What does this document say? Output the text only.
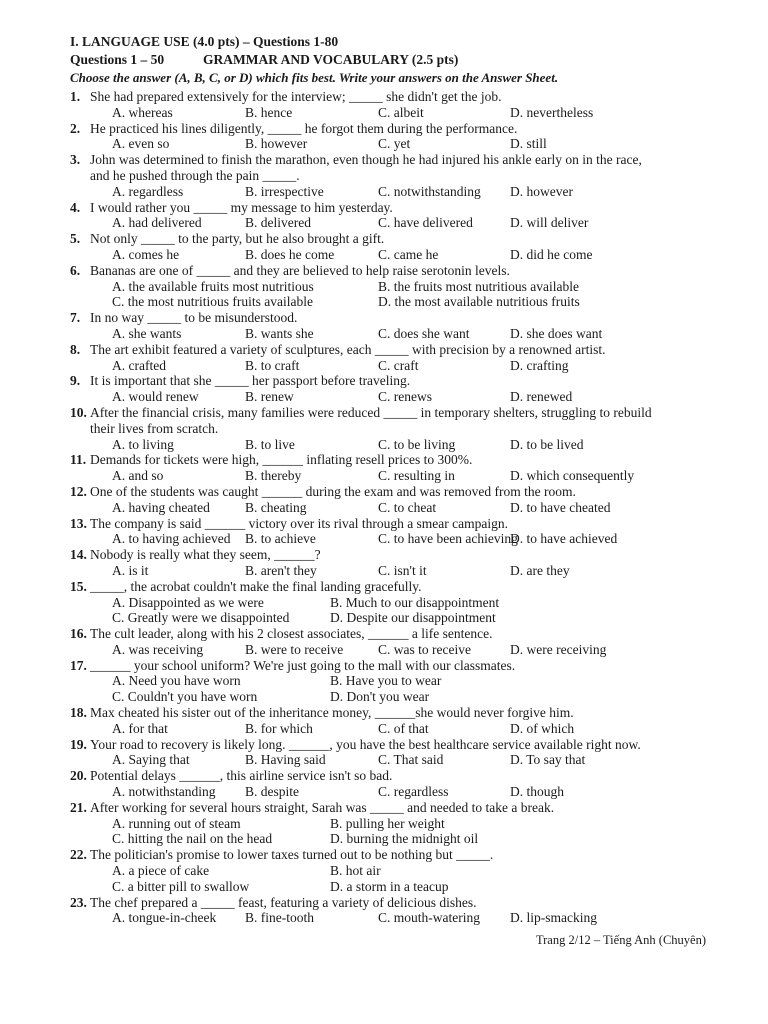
I. LANGUAGE USE (4.0 pts) – Questions 1-80
Questions 1 – 50	GRAMMAR AND VOCABULARY (2.5 pts)
Choose the answer (A, B, C, or D) which fits best. Write your answers on the Answer Sheet.
1. She had prepared extensively for the interview; _____ she didn't get the job.
A. whereas	B. hence	C. albeit	D. nevertheless
2. He practiced his lines diligently, _____ he forgot them during the performance.
A. even so	B. however	C. yet	D. still
3. John was determined to finish the marathon, even though he had injured his ankle early on in the race,
and he pushed through the pain _____.
A. regardless	B. irrespective	C. notwithstanding D. however
4. I would rather you _____ my message to him yesterday.
A. had delivered	B. delivered	C. have delivered	D. will deliver
5. Not only _____ to the party, but he also brought a gift.
A. comes he	B. does he come	C. came he	D. did he come
6. Bananas are one of _____ and they are believed to help raise serotonin levels.
A. the available fruits most nutritious	B. the fruits most nutritious available
C. the most nutritious fruits available	D. the most available nutritious fruits
7. In no way _____ to be misunderstood.
A. she wants	B. wants she	C. does she want	D. she does want
8. The art exhibit featured a variety of sculptures, each _____ with precision by a renowned artist.
A. crafted	B. to craft	C. craft	D. crafting
9. It is important that she _____ her passport before traveling.
A. would renew	B. renew	C. renews	D. renewed
10. After the financial crisis, many families were reduced _____ in temporary shelters, struggling to rebuild
their lives from scratch.
A. to living	B. to live	C. to be living	D. to be lived
11. Demands for tickets were high, ______ inflating resell prices to 300%.
A. and so	B. thereby	C. resulting in	D. which consequently
12. One of the students was caught ______ during the exam and was removed from the room.
A. having cheated	B. cheating	C. to cheat	D. to have cheated
13. The company is said ______ victory over its rival through a smear campaign.
A. to having achieved B. to achieve	C. to have been achieving
D. to have achieved
14. Nobody is really what they seem, ______?
A. is it	B. aren't they	C. isn't it	D. are they
15. _____, the acrobat couldn't make the final landing gracefully.
A. Disappointed as we were	B. Much to our disappointment
C. Greatly were we disappointed	D. Despite our disappointment
16. The cult leader, along with his 2 closest associates, ______ a life sentence.
A. was receiving	B. were to receive	C. was to receive	D. were receiving
17. ______ your school uniform? We're just going to the mall with our classmates.
A. Need you have worn	B. Have you to wear
C. Couldn't you have worn	D. Don't you wear
18. Max cheated his sister out of the inheritance money, ______she would never forgive him.
A. for that	B. for which	C. of that	D. of which
19. Your road to recovery is likely long. ______, you have the best healthcare service available right now.
A. Saying that	B. Having said	C. That said	D. To say that
20. Potential delays ______, this airline service isn't so bad.
A. notwithstanding B. despite	C. regardless	D. though
21. After working for several hours straight, Sarah was _____ and needed to take a break.
A. running out of steam	B. pulling her weight
C. hitting the nail on the head	D. burning the midnight oil
22. The politician's promise to lower taxes turned out to be nothing but _____.
A. a piece of cake	B. hot air
C. a bitter pill to swallow	D. a storm in a teacup
23. The chef prepared a _____ feast, featuring a variety of delicious dishes.
A. tongue-in-cheek B. fine-tooth	C. mouth-watering D. lip-smacking
Trang 2/12 – Tiếng Anh (Chuyên)
